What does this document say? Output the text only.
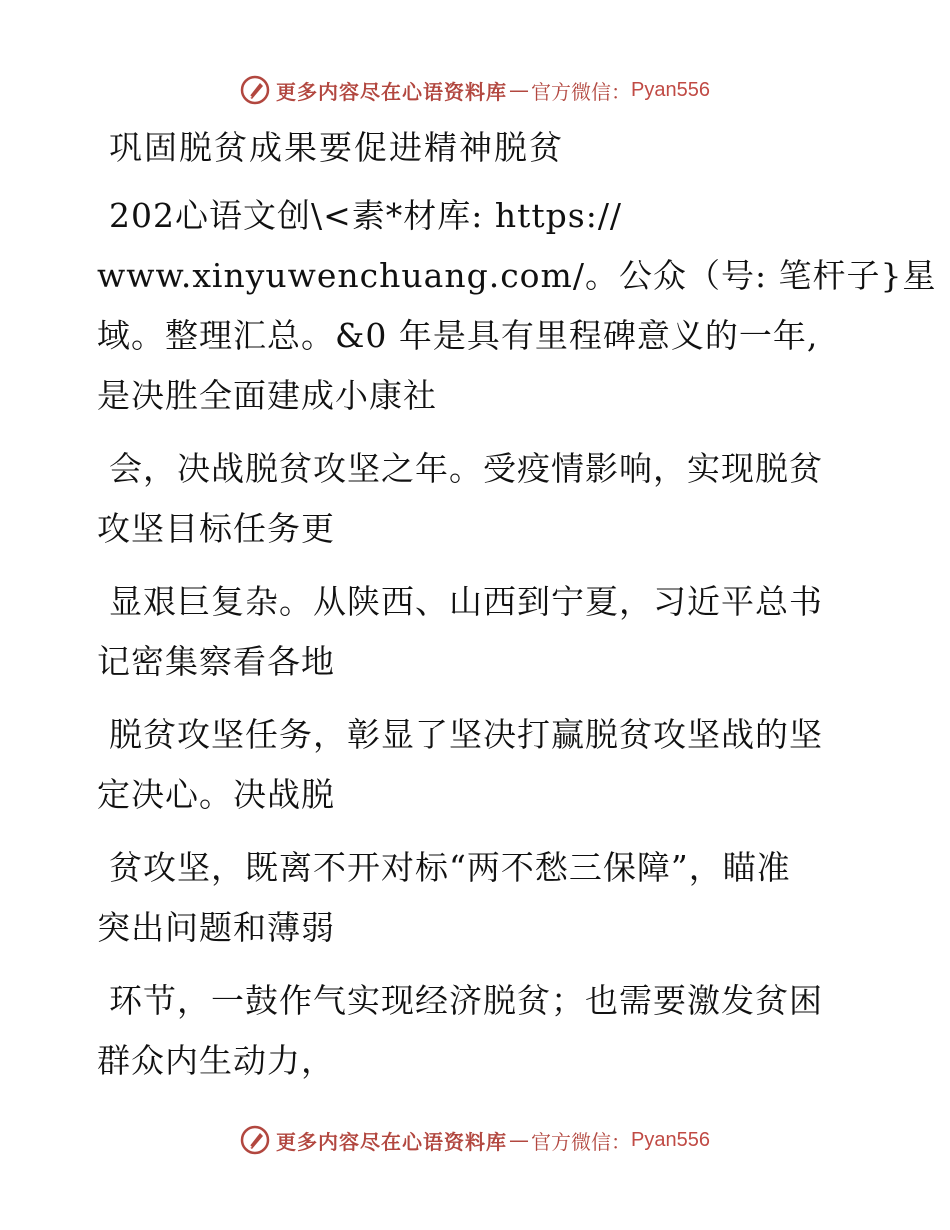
更多内容尽在心语资料库 — 官方微信： Pyan556
巩固脱贫成果要促进精神脱贫
202心语文创\<素*材库: https://
www.xinyuwenchuang.com/。公众（号: 笔杆子}星
域。整理汇总。&0 年是具有里程碑意义的一年,
是决胜全面建成小康社
会，决战脱贫攻坚之年。受疫情影响，实现脱贫
攻坚目标任务更
显艰巨复杂。从陕西、山西到宁夏，习近平总书
记密集察看各地
脱贫攻坚任务，彰显了坚决打赢脱贫攻坚战的坚
定决心。决战脱
贫攻坚，既离不开对标“两不愁三保障”，瞄准
突出问题和薄弱
环节，一鼓作气实现经济脱贫；也需要激发贫困
群众内生动力，
更多内容尽在心语资料库 — 官方微信： Pyan556
